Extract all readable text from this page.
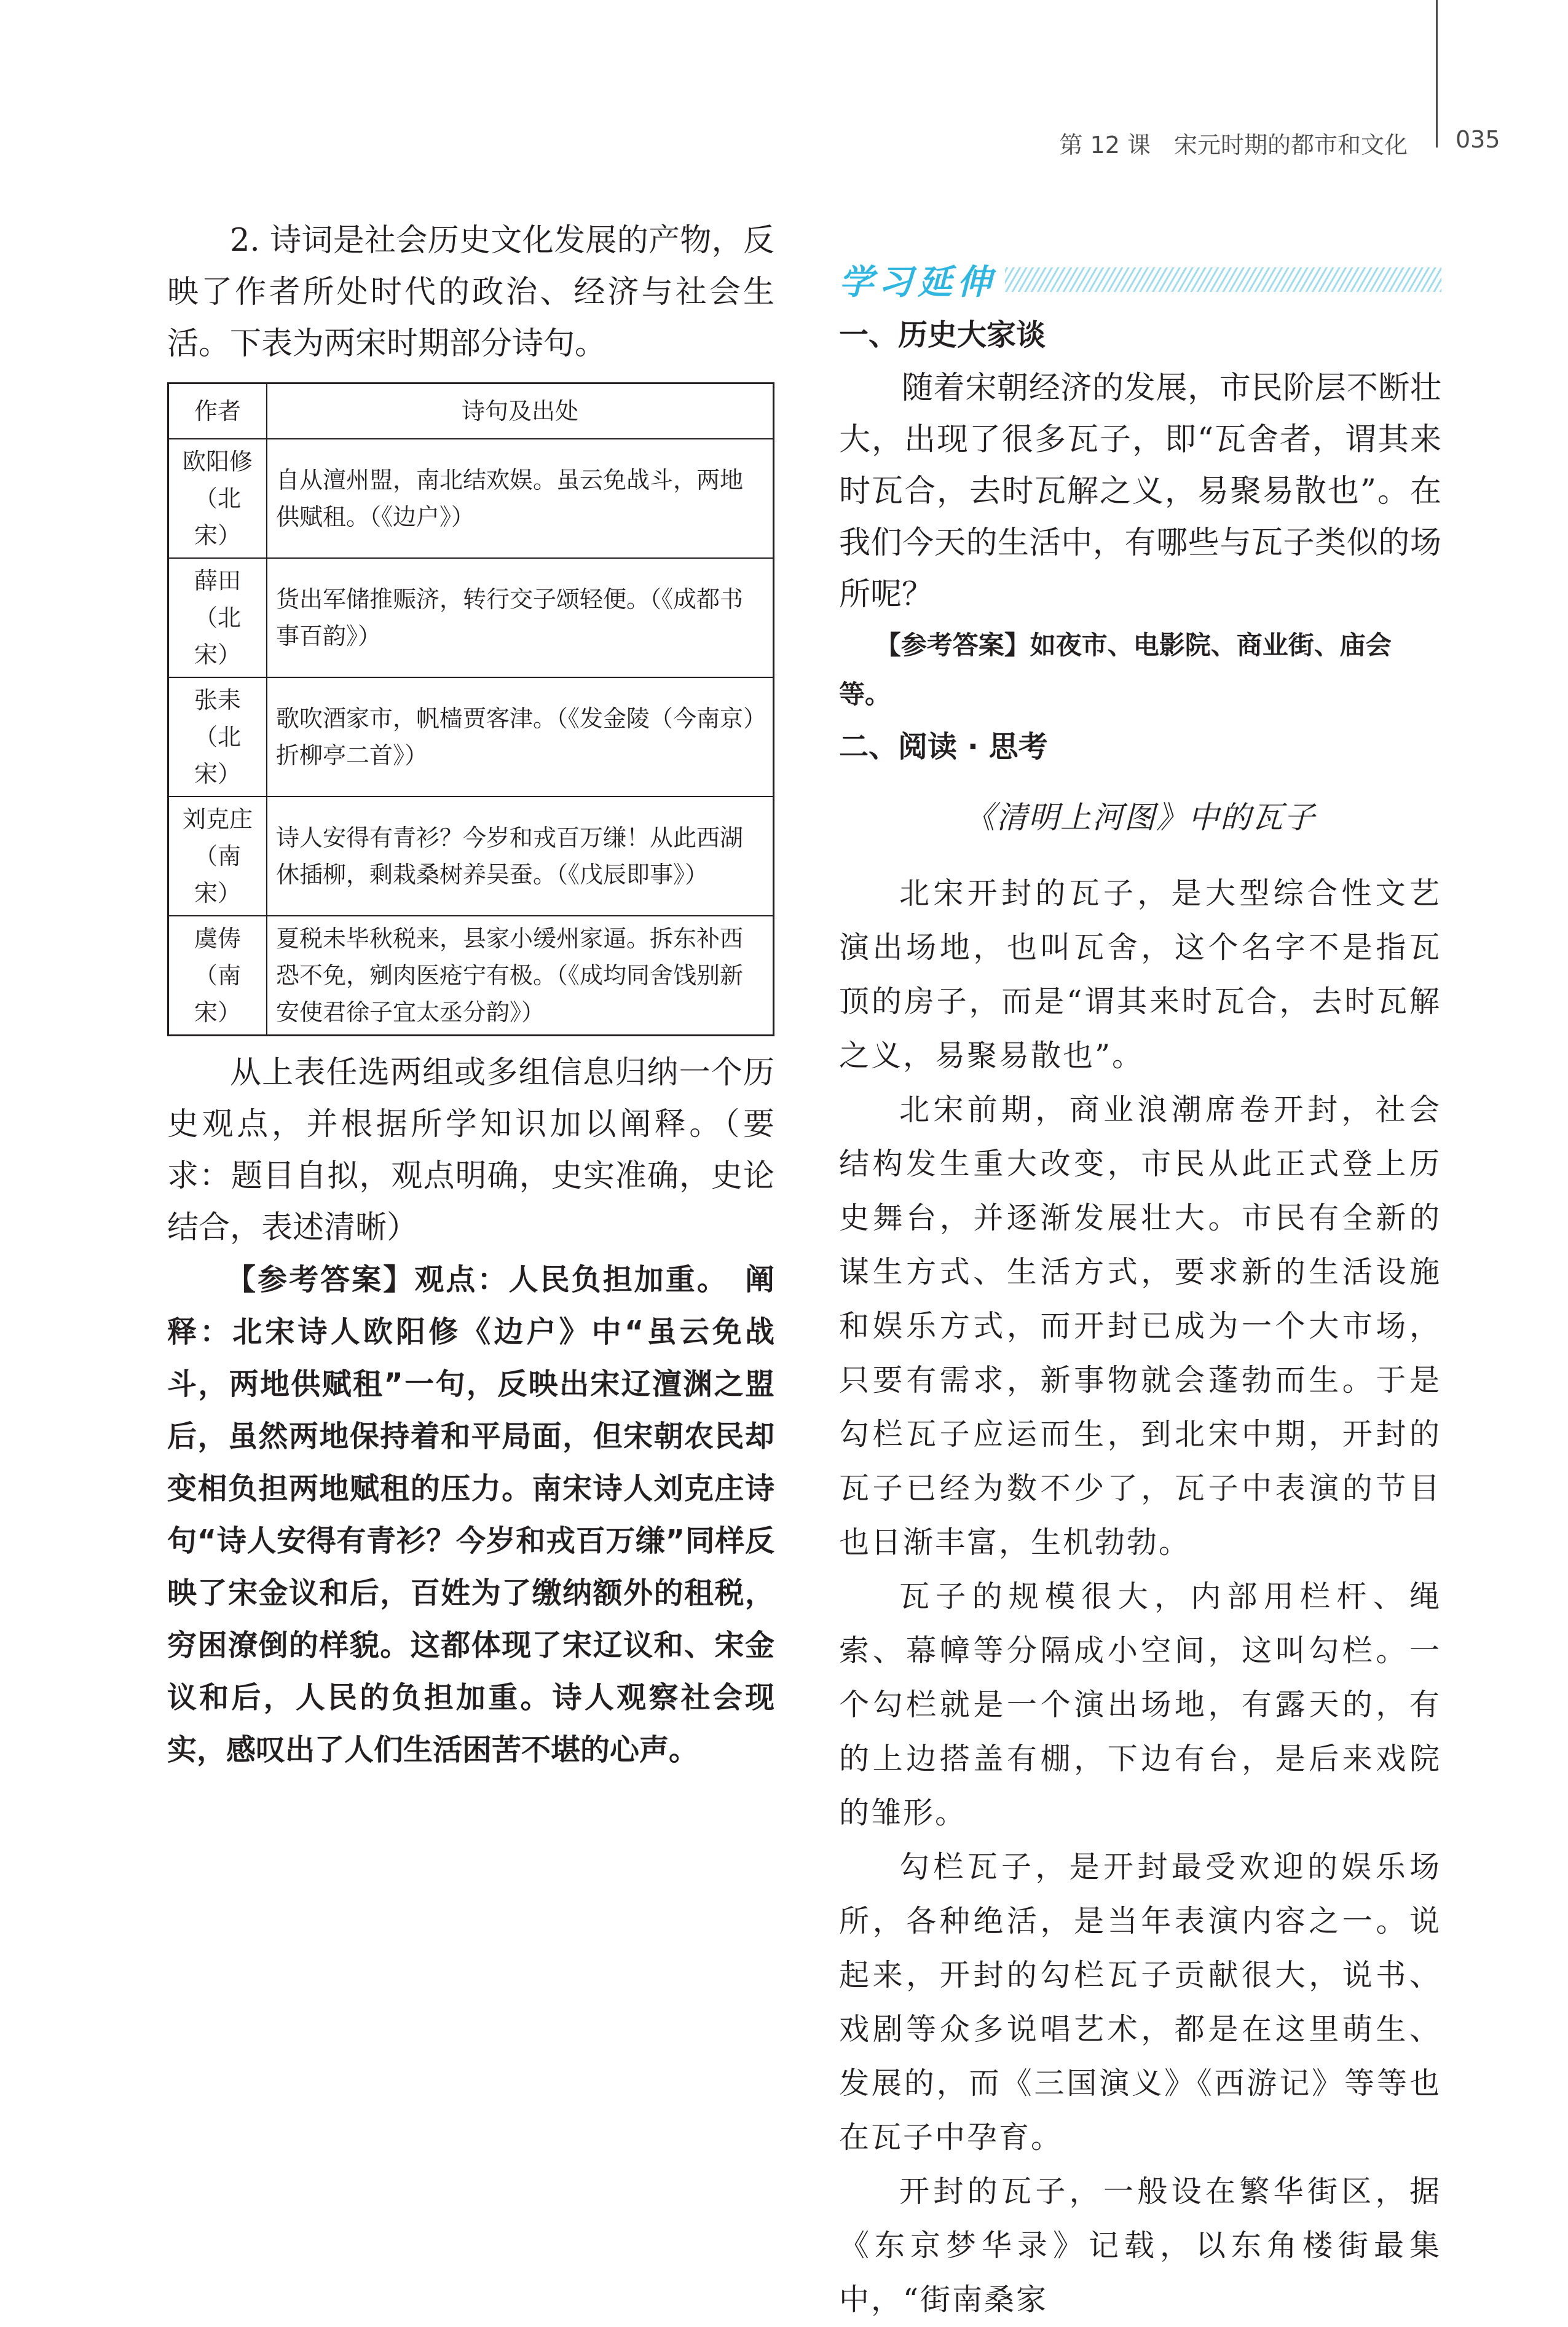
第 12 课　宋元时期的都市和文化 035

2. 诗词是社会历史文化发展的产物，反映了作者所处时代的政治、经济与社会生活。下表为两宋时期部分诗句。

作者	诗句及出处
欧阳修
（北宋）	自从澶州盟，南北结欢娱。虽云免战斗，两地供赋租。（《边户》）
薛田
（北宋）	货出军储推赈济，转行交子颂轻便。（《成都书事百韵》）
张耒
（北宋）	歌吹酒家市，帆樯贾客津。（《发金陵（今南京）折柳亭二首》）
刘克庄
（南宋）	诗人安得有青衫？今岁和戎百万缣！从此西湖休插柳，剩栽桑树养吴蚕。（《戊辰即事》）
虞俦
（南宋）	夏税未毕秋税来，县家小缓州家逼。拆东补西恐不免，剜肉医疮宁有极。（《成均同舍饯别新安使君徐子宜太丞分韵》）

从上表任选两组或多组信息归纳一个历史观点，并根据所学知识加以阐释。（要求：题目自拟，观点明确，史实准确，史论结合，表述清晰）

【参考答案】观点：人民负担加重。　阐释：北宋诗人欧阳修《边户》中“虽云免战斗，两地供赋租”一句，反映出宋辽澶渊之盟后，虽然两地保持着和平局面，但宋朝农民却变相负担两地赋租的压力。南宋诗人刘克庄诗句“诗人安得有青衫？今岁和戎百万缣”同样反映了宋金议和后，百姓为了缴纳额外的租税，穷困潦倒的样貌。这都体现了宋辽议和、宋金议和后，人民的负担加重。诗人观察社会现实，感叹出了人们生活困苦不堪的心声。

学习延伸

一、历史大家谈

随着宋朝经济的发展，市民阶层不断壮大，出现了很多瓦子，即“瓦舍者，谓其来时瓦合，去时瓦解之义，易聚易散也”。在我们今天的生活中，有哪些与瓦子类似的场所呢？

【参考答案】如夜市、电影院、商业街、庙会等。

二、阅读 · 思考

《清明上河图》中的瓦子

北宋开封的瓦子，是大型综合性文艺演出场地，也叫瓦舍，这个名字不是指瓦顶的房子，而是“谓其来时瓦合，去时瓦解之义，易聚易散也”。

北宋前期，商业浪潮席卷开封，社会结构发生重大改变，市民从此正式登上历史舞台，并逐渐发展壮大。市民有全新的谋生方式、生活方式，要求新的生活设施和娱乐方式，而开封已成为一个大市场，只要有需求，新事物就会蓬勃而生。于是勾栏瓦子应运而生，到北宋中期，开封的瓦子已经为数不少了，瓦子中表演的节目也日渐丰富，生机勃勃。

瓦子的规模很大，内部用栏杆、绳索、幕幛等分隔成小空间，这叫勾栏。一个勾栏就是一个演出场地，有露天的，有的上边搭盖有棚，下边有台，是后来戏院的雏形。

勾栏瓦子，是开封最受欢迎的娱乐场所，各种绝活，是当年表演内容之一。说起来，开封的勾栏瓦子贡献很大，说书、戏剧等众多说唱艺术，都是在这里萌生、发展的，而《三国演义》《西游记》等等也在瓦子中孕育。

开封的瓦子，一般设在繁华街区，据《东京梦华录》记载，以东角楼街最集中，“街南桑家
